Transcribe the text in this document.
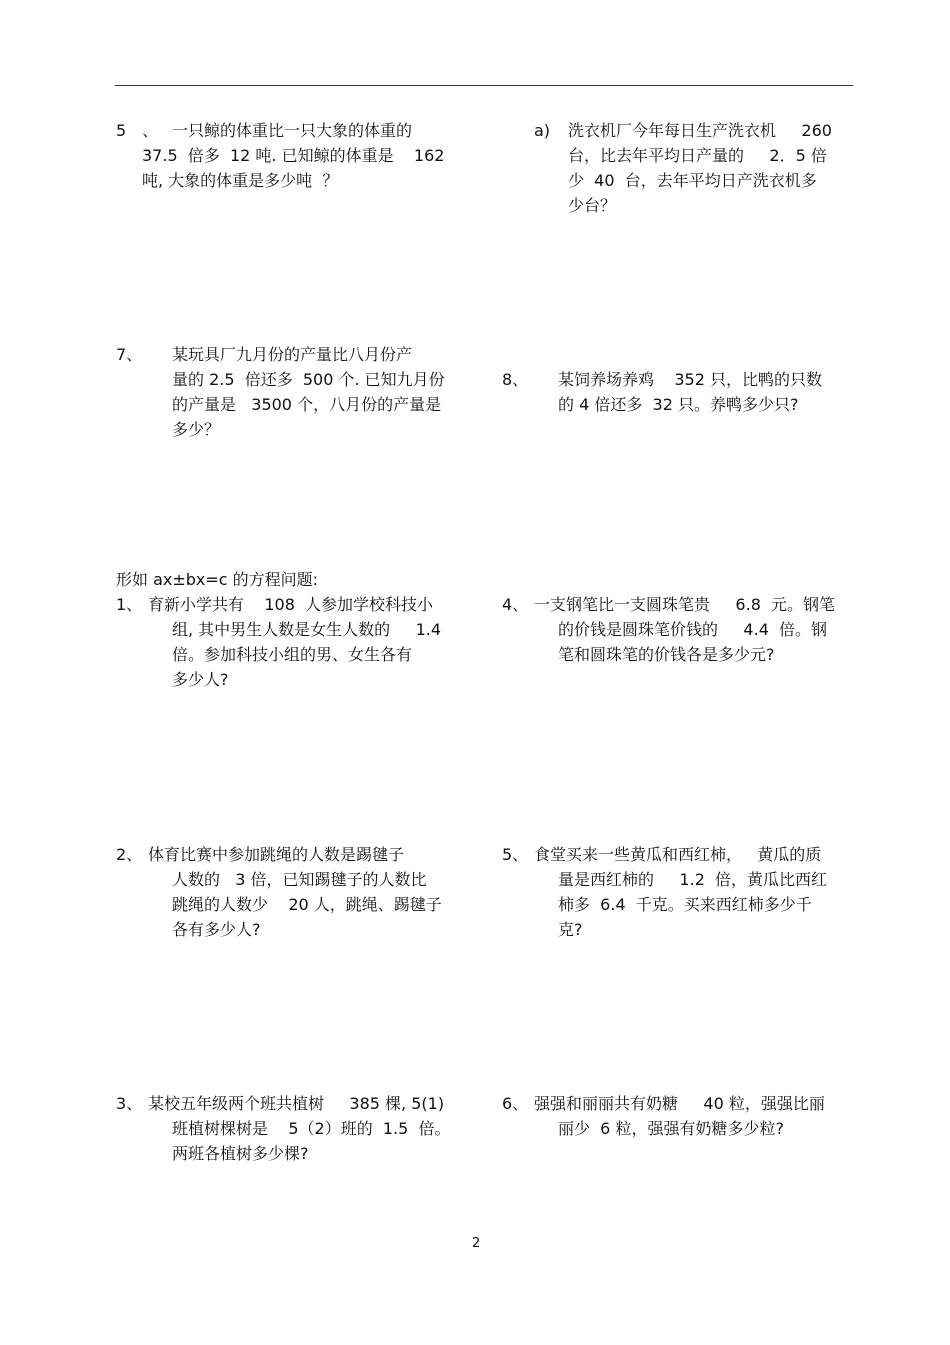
5　、 一只鲸的体重比一只大象的体重的
37.5  倍多  12 吨. 已知鲸的体重是    162
吨, 大象的体重是多少吨  ？
a) 洗衣机厂今年每日生产洗衣机     260
台，比去年平均日产量的     2．5 倍
少  40  台，去年平均日产洗衣机多
少台？
7、 某玩具厂九月份的产量比八月份产
量的 2.5  倍还多  500 个. 已知九月份
的产量是   3500 个，八月份的产量是
多少？
8、 某饲养场养鸡    352 只，比鸭的只数
的 4 倍还多  32 只。养鸭多少只?
形如 ax±bx=c 的方程问题:
1、 育新小学共有    108  人参加学校科技小
组, 其中男生人数是女生人数的     1.4
倍。参加科技小组的男、女生各有
多少人?
4、 一支钢笔比一支圆珠笔贵     6.8  元。钢笔
的价钱是圆珠笔价钱的     4.4  倍。钢
笔和圆珠笔的价钱各是多少元?
2、 体育比赛中参加跳绳的人数是踢毽子
人数的   3 倍，已知踢毽子的人数比
跳绳的人数少    20 人，跳绳、踢毽子
各有多少人?
5、 食堂买来一些黄瓜和西红柿，   黄瓜的质
量是西红柿的     1.2  倍，黄瓜比西红
柿多  6.4  千克。买来西红柿多少千
克?
3、 某校五年级两个班共植树     385 棵, 5(1)
班植树棵树是    5（2）班的  1.5  倍。
两班各植树多少棵?
6、 强强和丽丽共有奶糖     40 粒，强强比丽
丽少  6 粒，强强有奶糖多少粒?
2
